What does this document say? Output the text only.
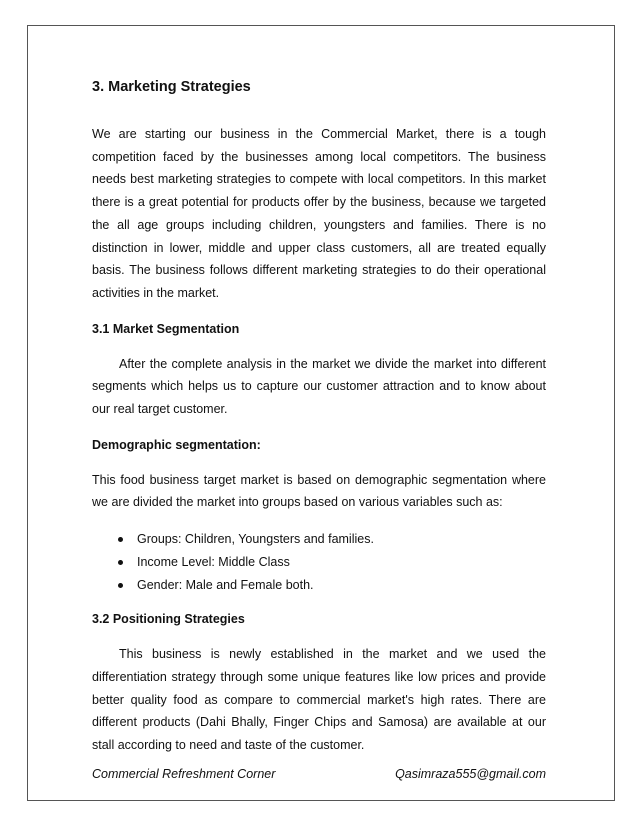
3. Marketing Strategies

We are starting our business in the Commercial Market, there is a tough competition faced by the businesses among local competitors. The business needs best marketing strategies to compete with local competitors. In this market there is a great potential for products offer by the business, because we targeted the all age groups including children, youngsters and families. There is no distinction in lower, middle and upper class customers, all are treated equally basis. The business follows different marketing strategies to do their operational activities in the market.

3.1 Market Segmentation

After the complete analysis in the market we divide the market into different segments which helps us to capture our customer attraction and to know about our real target customer.

Demographic segmentation:

This food business target market is based on demographic segmentation where we are divided the market into groups based on various variables such as:

Groups: Children, Youngsters and families.
Income Level: Middle Class
Gender: Male and Female both.
3.2 Positioning Strategies

This business is newly established in the market and we used the differentiation strategy through some unique features like low prices and provide better quality food as compare to commercial market's high rates. There are different products (Dahi Bhally, Finger Chips and Samosa) are available at our stall according to need and taste of the customer.

Commercial Refreshment Corner	Qasimraza555@gmail.com
